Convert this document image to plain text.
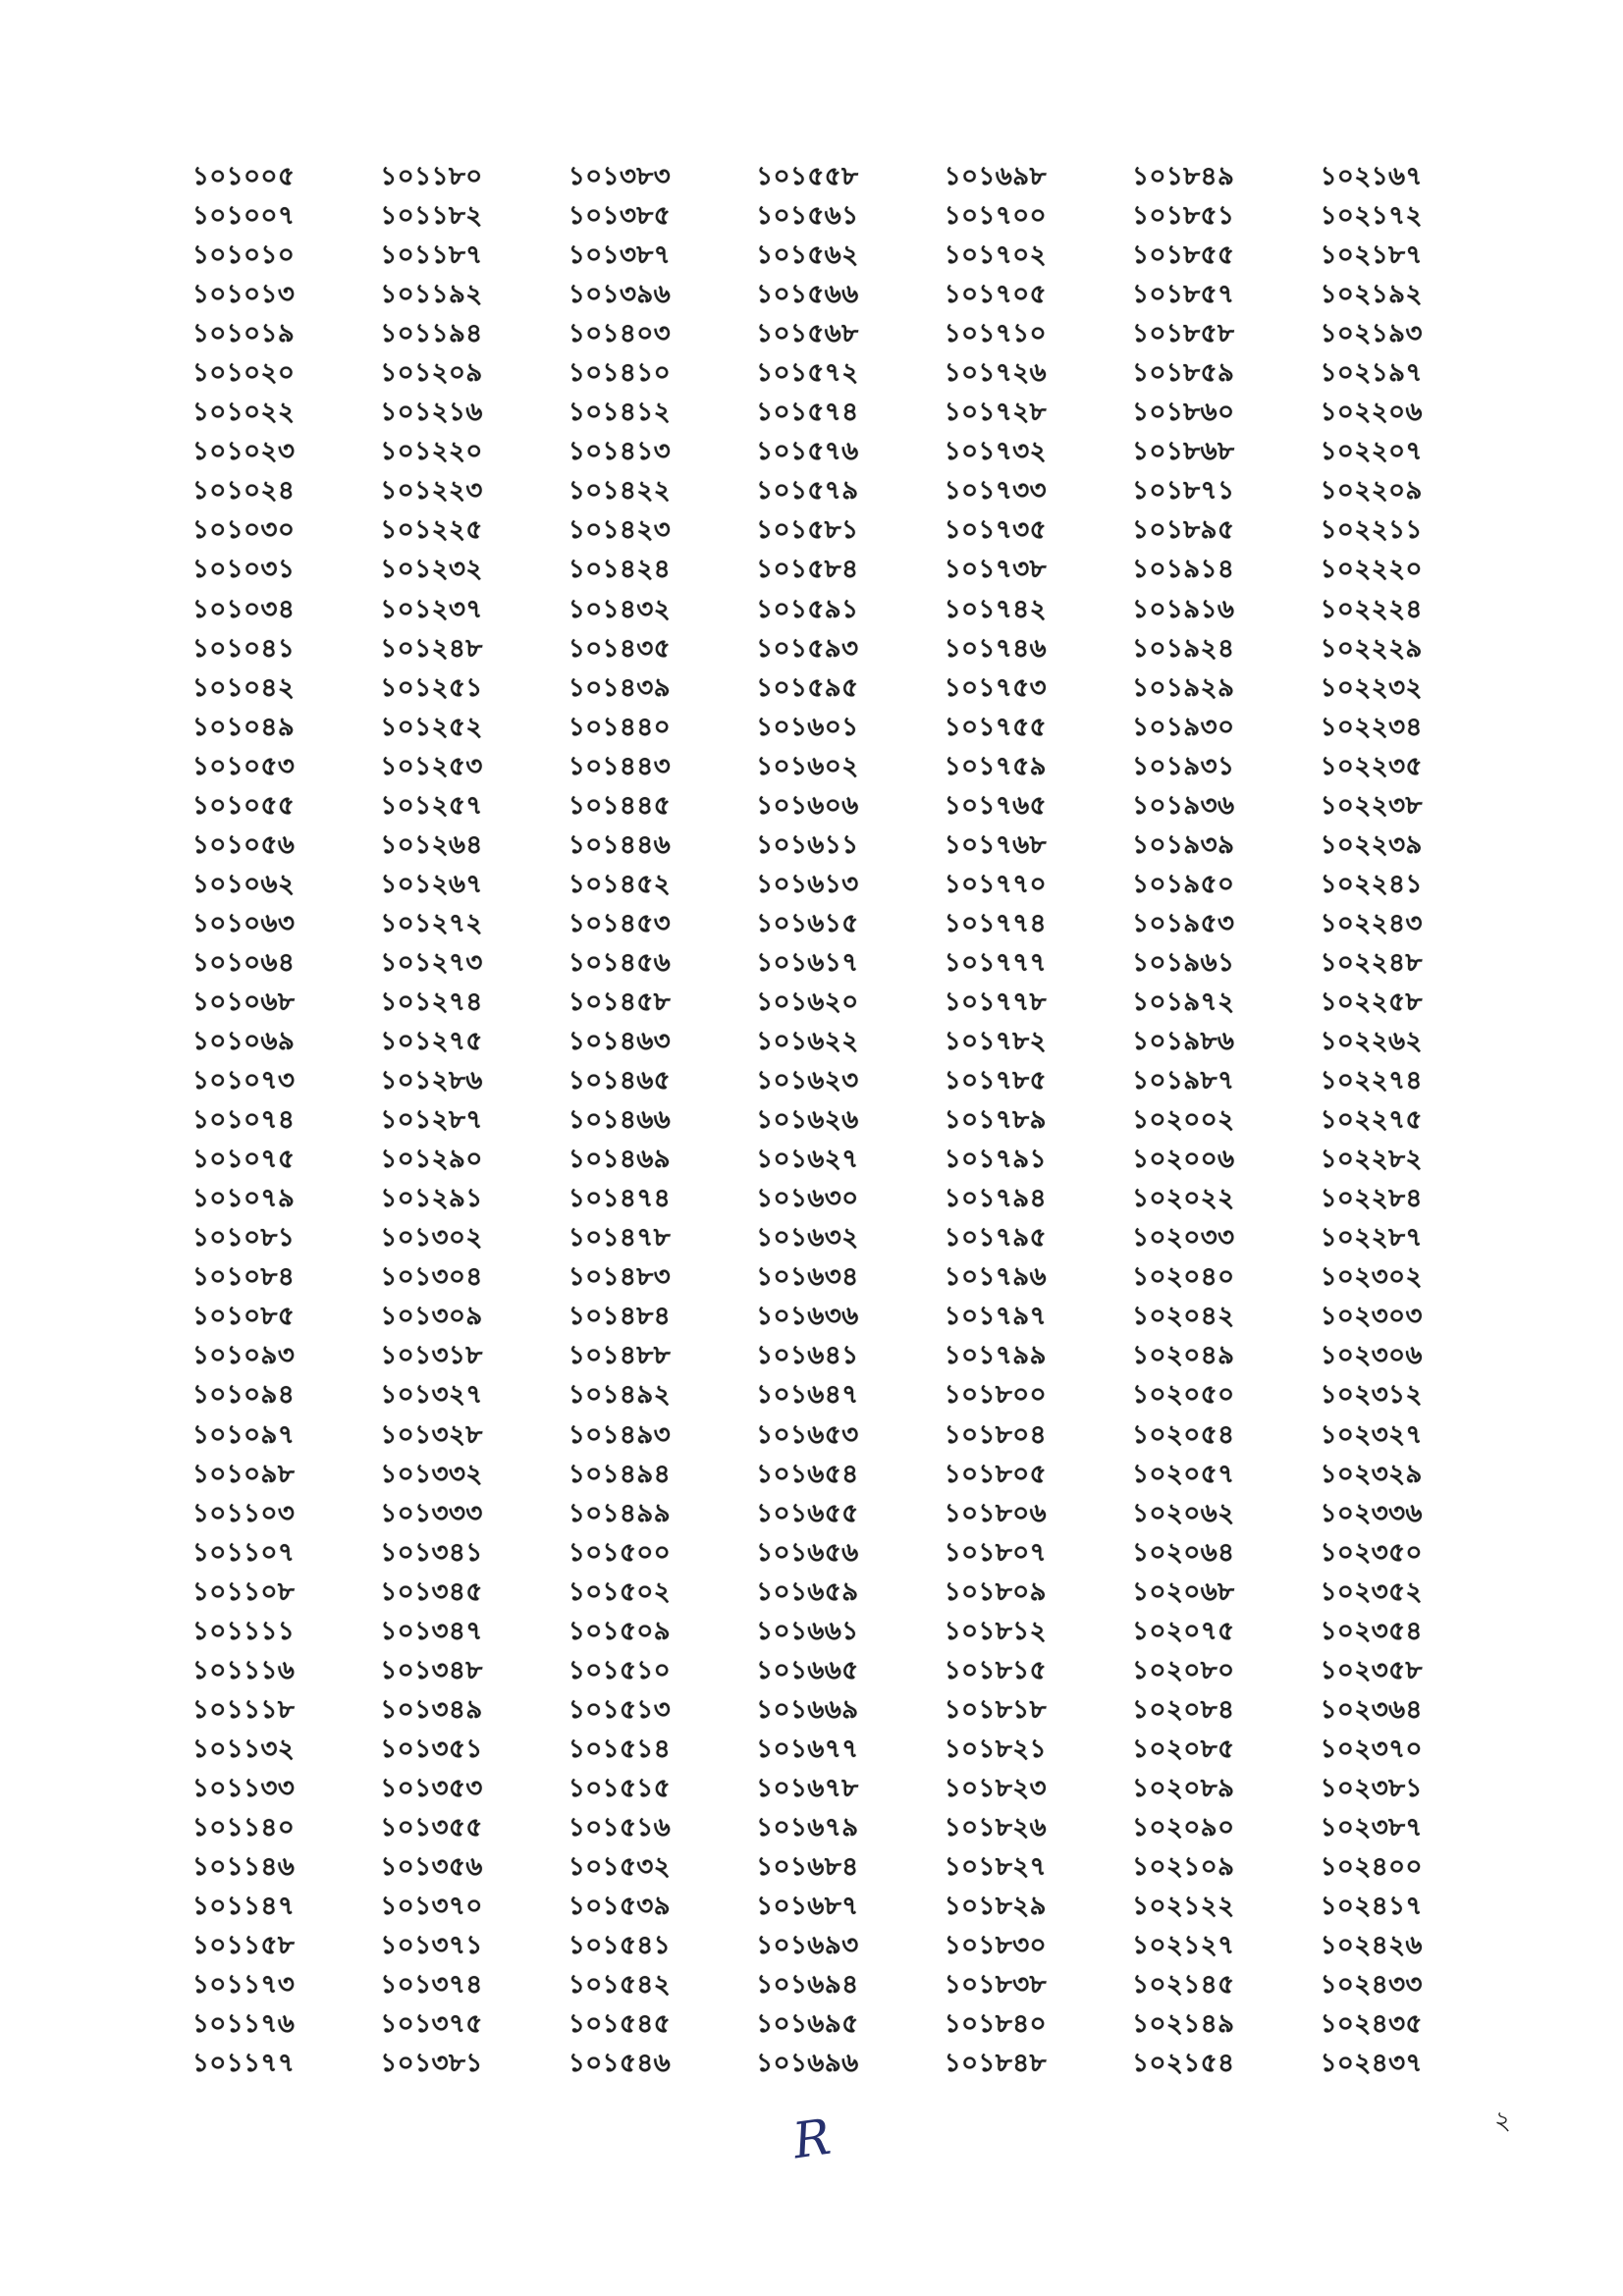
১০১০০৫
১০১০০৭
১০১০১০
১০১০১৩
১০১০১৯
১০১০২০
১০১০২২
১০১০২৩
১০১০২৪
১০১০৩০
১০১০৩১
১০১০৩৪
১০১০৪১
১০১০৪২
১০১০৪৯
১০১০৫৩
১০১০৫৫
১০১০৫৬
১০১০৬২
১০১০৬৩
১০১০৬৪
১০১০৬৮
১০১০৬৯
১০১০৭৩
১০১০৭৪
১০১০৭৫
১০১০৭৯
১০১০৮১
১০১০৮৪
১০১০৮৫
১০১০৯৩
১০১০৯৪
১০১০৯৭
১০১০৯৮
১০১১০৩
১০১১০৭
১০১১০৮
১০১১১১
১০১১১৬
১০১১১৮
১০১১৩২
১০১১৩৩
১০১১৪০
১০১১৪৬
১০১১৪৭
১০১১৫৮
১০১১৭৩
১০১১৭৬
১০১১৭৭
১০১১৮০
১০১১৮২
১০১১৮৭
১০১১৯২
১০১১৯৪
১০১২০৯
১০১২১৬
১০১২২০
১০১২২৩
১০১২২৫
১০১২৩২
১০১২৩৭
১০১২৪৮
১০১২৫১
১০১২৫২
১০১২৫৩
১০১২৫৭
১০১২৬৪
১০১২৬৭
১০১২৭২
১০১২৭৩
১০১২৭৪
১০১২৭৫
১০১২৮৬
১০১২৮৭
১০১২৯০
১০১২৯১
১০১৩০২
১০১৩০৪
১০১৩০৯
১০১৩১৮
১০১৩২৭
১০১৩২৮
১০১৩৩২
১০১৩৩৩
১০১৩৪১
১০১৩৪৫
১০১৩৪৭
১০১৩৪৮
১০১৩৪৯
১০১৩৫১
১০১৩৫৩
১০১৩৫৫
১০১৩৫৬
১০১৩৭০
১০১৩৭১
১০১৩৭৪
১০১৩৭৫
১০১৩৮১
১০১৩৮৩
১০১৩৮৫
১০১৩৮৭
১০১৩৯৬
১০১৪০৩
১০১৪১০
১০১৪১২
১০১৪১৩
১০১৪২২
১০১৪২৩
১০১৪২৪
১০১৪৩২
১০১৪৩৫
১০১৪৩৯
১০১৪৪০
১০১৪৪৩
১০১৪৪৫
১০১৪৪৬
১০১৪৫২
১০১৪৫৩
১০১৪৫৬
১০১৪৫৮
১০১৪৬৩
১০১৪৬৫
১০১৪৬৬
১০১৪৬৯
১০১৪৭৪
১০১৪৭৮
১০১৪৮৩
১০১৪৮৪
১০১৪৮৮
১০১৪৯২
১০১৪৯৩
১০১৪৯৪
১০১৪৯৯
১০১৫০০
১০১৫০২
১০১৫০৯
১০১৫১০
১০১৫১৩
১০১৫১৪
১০১৫১৫
১০১৫১৬
১০১৫৩২
১০১৫৩৯
১০১৫৪১
১০১৫৪২
১০১৫৪৫
১০১৫৪৬
১০১৫৫৮
১০১৫৬১
১০১৫৬২
১০১৫৬৬
১০১৫৬৮
১০১৫৭২
১০১৫৭৪
১০১৫৭৬
১০১৫৭৯
১০১৫৮১
১০১৫৮৪
১০১৫৯১
১০১৫৯৩
১০১৫৯৫
১০১৬০১
১০১৬০২
১০১৬০৬
১০১৬১১
১০১৬১৩
১০১৬১৫
১০১৬১৭
১০১৬২০
১০১৬২২
১০১৬২৩
১০১৬২৬
১০১৬২৭
১০১৬৩০
১০১৬৩২
১০১৬৩৪
১০১৬৩৬
১০১৬৪১
১০১৬৪৭
১০১৬৫৩
১০১৬৫৪
১০১৬৫৫
১০১৬৫৬
১০১৬৫৯
১০১৬৬১
১০১৬৬৫
১০১৬৬৯
১০১৬৭৭
১০১৬৭৮
১০১৬৭৯
১০১৬৮৪
১০১৬৮৭
১০১৬৯৩
১০১৬৯৪
১০১৬৯৫
১০১৬৯৬
১০১৬৯৮
১০১৭০০
১০১৭০২
১০১৭০৫
১০১৭১০
১০১৭২৬
১০১৭২৮
১০১৭৩২
১০১৭৩৩
১০১৭৩৫
১০১৭৩৮
১০১৭৪২
১০১৭৪৬
১০১৭৫৩
১০১৭৫৫
১০১৭৫৯
১০১৭৬৫
১০১৭৬৮
১০১৭৭০
১০১৭৭৪
১০১৭৭৭
১০১৭৭৮
১০১৭৮২
১০১৭৮৫
১০১৭৮৯
১০১৭৯১
১০১৭৯৪
১০১৭৯৫
১০১৭৯৬
১০১৭৯৭
১০১৭৯৯
১০১৮০০
১০১৮০৪
১০১৮০৫
১০১৮০৬
১০১৮০৭
১০১৮০৯
১০১৮১২
১০১৮১৫
১০১৮১৮
১০১৮২১
১০১৮২৩
১০১৮২৬
১০১৮২৭
১০১৮২৯
১০১৮৩০
১০১৮৩৮
১০১৮৪০
১০১৮৪৮
১০১৮৪৯
১০১৮৫১
১০১৮৫৫
১০১৮৫৭
১০১৮৫৮
১০১৮৫৯
১০১৮৬০
১০১৮৬৮
১০১৮৭১
১০১৮৯৫
১০১৯১৪
১০১৯১৬
১০১৯২৪
১০১৯২৯
১০১৯৩০
১০১৯৩১
১০১৯৩৬
১০১৯৩৯
১০১৯৫০
১০১৯৫৩
১০১৯৬১
১০১৯৭২
১০১৯৮৬
১০১৯৮৭
১০২০০২
১০২০০৬
১০২০২২
১০২০৩৩
১০২০৪০
১০২০৪২
১০২০৪৯
১০২০৫০
১০২০৫৪
১০২০৫৭
১০২০৬২
১০২০৬৪
১০২০৬৮
১০২০৭৫
১০২০৮০
১০২০৮৪
১০২০৮৫
১০২০৮৯
১০২০৯০
১০২১০৯
১০২১২২
১০২১২৭
১০২১৪৫
১০২১৪৯
১০২১৫৪
১০২১৬৭
১০২১৭২
১০২১৮৭
১০২১৯২
১০২১৯৩
১০২১৯৭
১০২২০৬
১০২২০৭
১০২২০৯
১০২২১১
১০২২২০
১০২২২৪
১০২২২৯
১০২২৩২
১০২২৩৪
১০২২৩৫
১০২২৩৮
১০২২৩৯
১০২২৪১
১০২২৪৩
১০২২৪৮
১০২২৫৮
১০২২৬২
১০২২৭৪
১০২২৭৫
১০২২৮২
১০২২৮৪
১০২২৮৭
১০২৩০২
১০২৩০৩
১০২৩০৬
১০২৩১২
১০২৩২৭
১০২৩২৯
১০২৩৩৬
১০২৩৫০
১০২৩৫২
১০২৩৫৪
১০২৩৫৮
১০২৩৬৪
১০২৩৭০
১০২৩৮১
১০২৩৮৭
১০২৪০০
১০২৪১৭
১০২৪২৬
১০২৪৩৩
১০২৪৩৫
১০২৪৩৭
R	২
